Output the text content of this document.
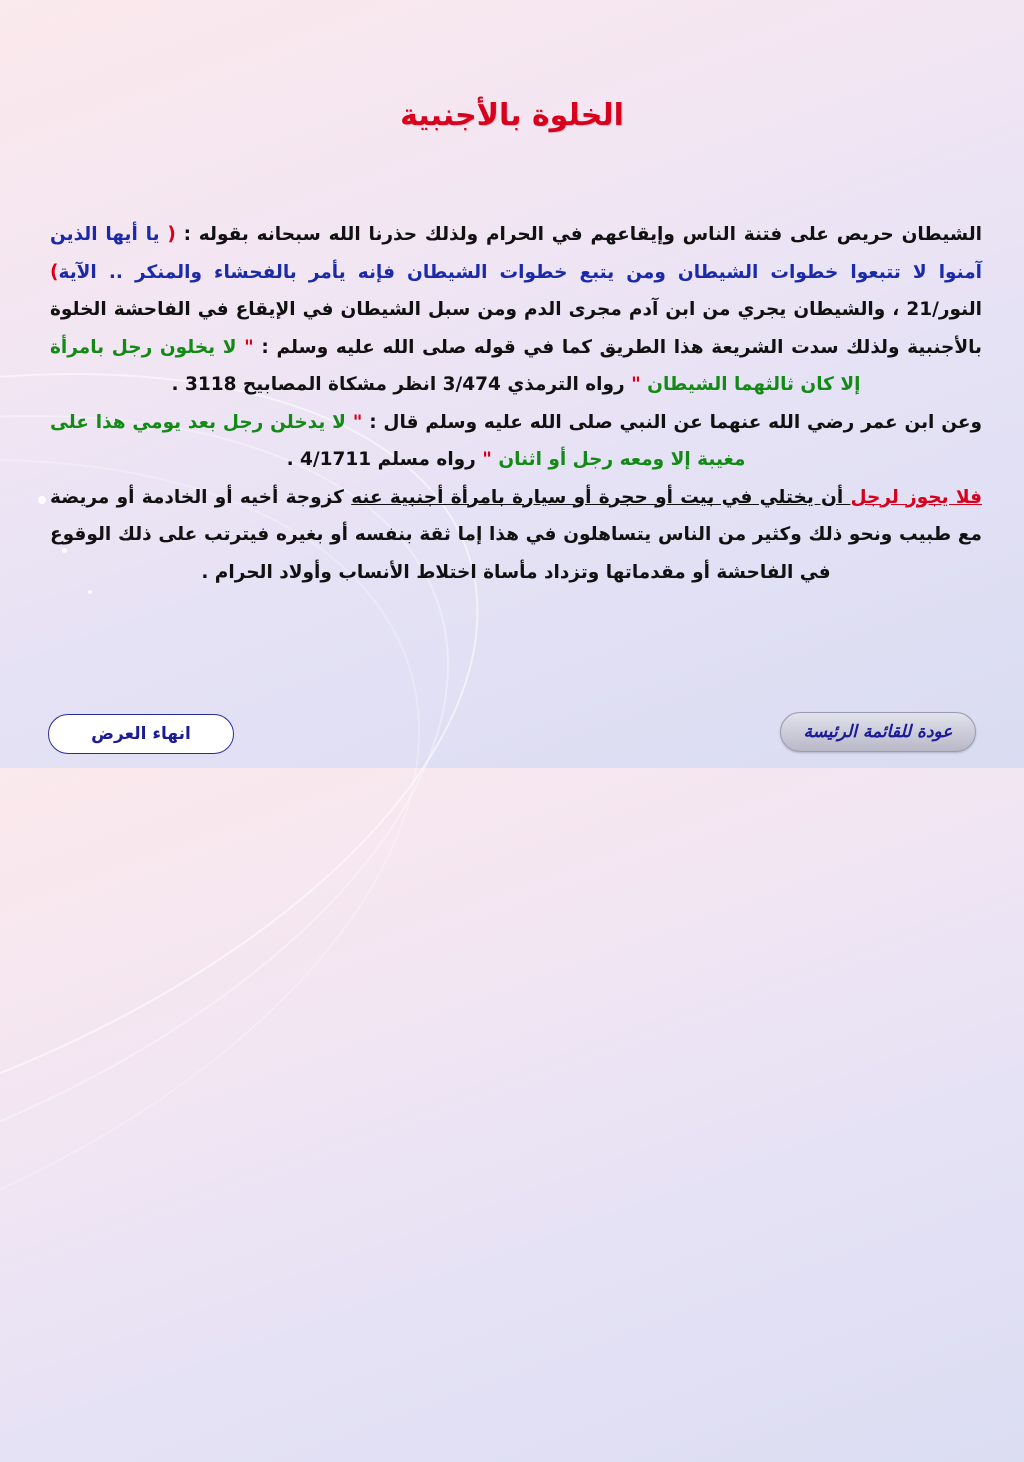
الخلوة بالأجنبية
الشيطان حريص على فتنة الناس وإيقاعهم في الحرام ولذلك حذرنا الله سبحانه بقوله : ( يا أيها الذين آمنوا لا تتبعوا خطوات الشيطان ومن يتبع خطوات الشيطان فإنه يأمر بالفحشاء والمنكر .. الآية) النور/21 ، والشيطان يجري من ابن آدم مجرى الدم ومن سبل الشيطان في الإيقاع في الفاحشة الخلوة بالأجنبية ولذلك سدت الشريعة هذا الطريق كما في قوله صلى الله عليه وسلم : " لا يخلون رجل بامرأة إلا كان ثالثهما الشيطان " رواه الترمذي 3/474 انظر مشكاة المصابيح 3118 .
وعن ابن عمر رضي الله عنهما عن النبي صلى الله عليه وسلم قال : " لا يدخلن رجل بعد يومي هذا على مغيبة إلا ومعه رجل أو اثنان " رواه مسلم 4/1711 .
فلا يجوز لرجل أن يختلي في بيت أو حجرة أو سيارة بامرأة أجنبية عنه كزوجة أخيه أو الخادمة أو مريضة مع طبيب ونحو ذلك وكثير من الناس يتساهلون في هذا إما ثقة بنفسه أو بغيره فيترتب على ذلك الوقوع في الفاحشة أو مقدماتها وتزداد مأساة اختلاط الأنساب وأولاد الحرام .
انهاء العرض	عودة للقائمة الرئيسة
